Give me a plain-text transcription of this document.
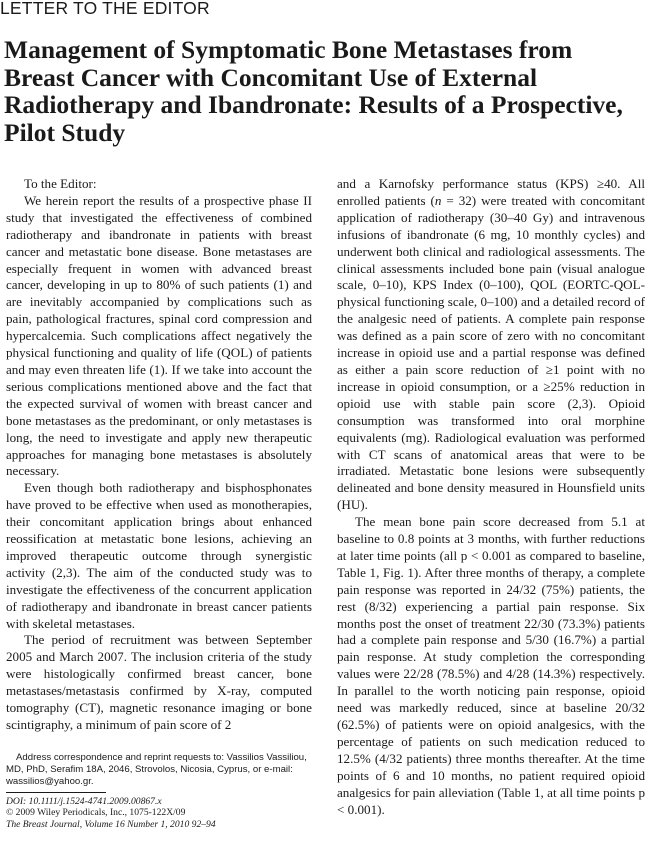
LETTER TO THE EDITOR
Management of Symptomatic Bone Metastases from Breast Cancer with Concomitant Use of External Radiotherapy and Ibandronate: Results of a Prospective, Pilot Study

To the Editor:

We herein report the results of a prospective phase II study that investigated the effectiveness of combined radiotherapy and ibandronate in patients with breast cancer and metastatic bone disease. Bone metastases are especially frequent in women with advanced breast cancer, developing in up to 80% of such patients (1) and are inevitably accompanied by complications such as pain, pathological fractures, spinal cord compression and hypercalcemia. Such complications affect negatively the physical functioning and quality of life (QOL) of patients and may even threaten life (1). If we take into account the serious complications mentioned above and the fact that the expected survival of women with breast cancer and bone metastases as the predominant, or only metastases is long, the need to investigate and apply new therapeutic approaches for managing bone metastases is absolutely necessary.

Even though both radiotherapy and bisphosphonates have proved to be effective when used as monotherapies, their concomitant application brings about enhanced reossification at metastatic bone lesions, achieving an improved therapeutic outcome through synergistic activity (2,3). The aim of the conducted study was to investigate the effectiveness of the concurrent application of radiotherapy and ibandronate in breast cancer patients with skeletal metastases.

The period of recruitment was between September 2005 and March 2007. The inclusion criteria of the study were histologically confirmed breast cancer, bone metastases/metastasis confirmed by X-ray, computed tomography (CT), magnetic resonance imaging or bone scintigraphy, a minimum of pain score of 2

Address correspondence and reprint requests to: Vassilios Vassiliou, MD, PhD, Serafim 18A, 2046, Strovolos, Nicosia, Cyprus, or e-mail: wassilios@yahoo.gr.

DOI: 10.1111/j.1524-4741.2009.00867.x

© 2009 Wiley Periodicals, Inc., 1075-122X/09

The Breast Journal, Volume 16 Number 1, 2010 92–94

and a Karnofsky performance status (KPS) ≥40. All enrolled patients (n = 32) were treated with concomitant application of radiotherapy (30–40 Gy) and intravenous infusions of ibandronate (6 mg, 10 monthly cycles) and underwent both clinical and radiological assessments. The clinical assessments included bone pain (visual analogue scale, 0–10), KPS Index (0–100), QOL (EORTC-QOL-physical functioning scale, 0–100) and a detailed record of the analgesic need of patients. A complete pain response was defined as a pain score of zero with no concomitant increase in opioid use and a partial response was defined as either a pain score reduction of ≥1 point with no increase in opioid consumption, or a ≥25% reduction in opioid use with stable pain score (2,3). Opioid consumption was transformed into oral morphine equivalents (mg). Radiological evaluation was performed with CT scans of anatomical areas that were to be irradiated. Metastatic bone lesions were subsequently delineated and bone density measured in Hounsfield units (HU).

The mean bone pain score decreased from 5.1 at baseline to 0.8 points at 3 months, with further reductions at later time points (all p < 0.001 as compared to baseline, Table 1, Fig. 1). After three months of therapy, a complete pain response was reported in 24/32 (75%) patients, the rest (8/32) experiencing a partial pain response. Six months post the onset of treatment 22/30 (73.3%) patients had a complete pain response and 5/30 (16.7%) a partial pain response. At study completion the corresponding values were 22/28 (78.5%) and 4/28 (14.3%) respectively. In parallel to the worth noticing pain response, opioid need was markedly reduced, since at baseline 20/32 (62.5%) of patients were on opioid analgesics, with the percentage of patients on such medication reduced to 12.5% (4/32 patients) three months thereafter. At the time points of 6 and 10 months, no patient required opioid analgesics for pain alleviation (Table 1, at all time points p < 0.001).
